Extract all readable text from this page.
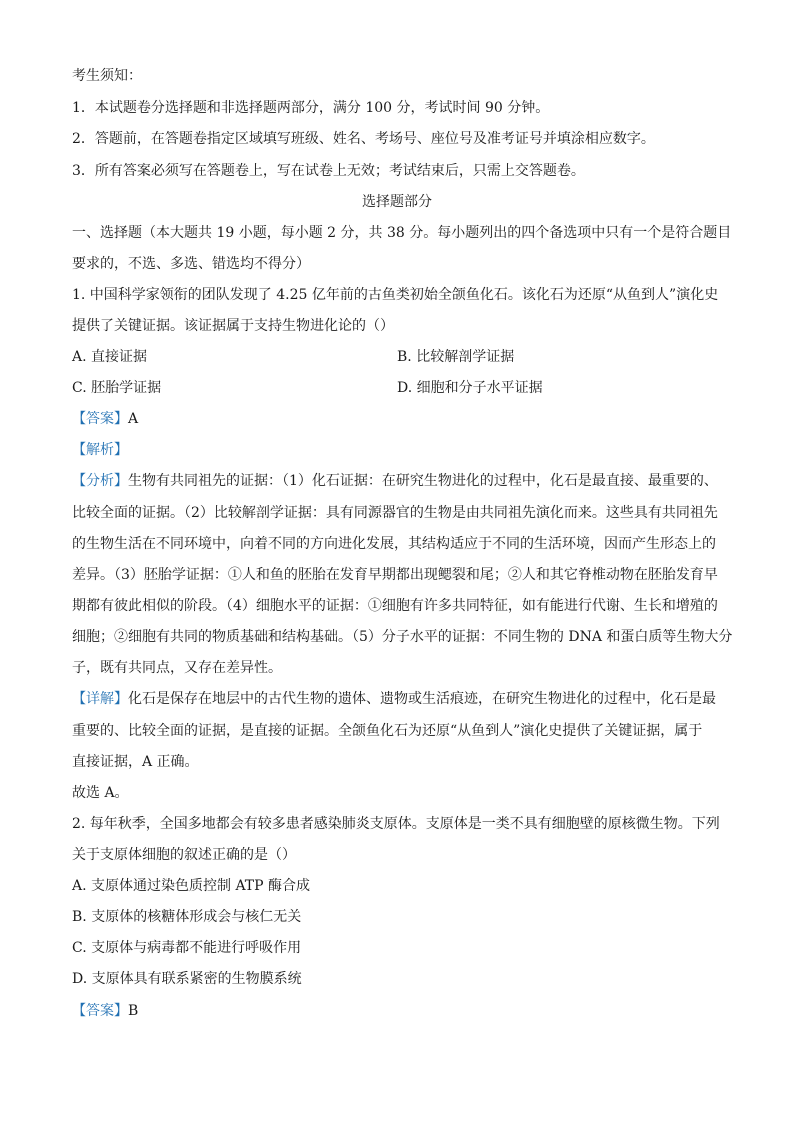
考生须知：
1．本试题卷分选择题和非选择题两部分，满分 100 分，考试时间 90 分钟。
2．答题前，在答题卷指定区域填写班级、姓名、考场号、座位号及准考证号并填涂相应数字。
3．所有答案必须写在答题卷上，写在试卷上无效；考试结束后，只需上交答题卷。
选择题部分
一、选择题（本大题共 19 小题，每小题 2 分，共 38 分。每小题列出的四个备选项中只有一个是符合题目
要求的，不选、多选、错选均不得分）
1. 中国科学家领衔的团队发现了 4.25 亿年前的古鱼类初始全颌鱼化石。该化石为还原“从鱼到人”演化史
提供了关键证据。该证据属于支持生物进化论的（）
A. 直接证据	B. 比较解剖学证据
C. 胚胎学证据	D. 细胞和分子水平证据
【答案】A
【解析】
【分析】生物有共同祖先的证据：（1）化石证据：在研究生物进化的过程中，化石是最直接、最重要的、
比较全面的证据。（2）比较解剖学证据：具有同源器官的生物是由共同祖先演化而来。这些具有共同祖先
的生物生活在不同环境中，向着不同的方向进化发展，其结构适应于不同的生活环境，因而产生形态上的
差异。（3）胚胎学证据：①人和鱼的胚胎在发育早期都出现鳃裂和尾；②人和其它脊椎动物在胚胎发育早
期都有彼此相似的阶段。（4）细胞水平的证据：①细胞有许多共同特征，如有能进行代谢、生长和增殖的
细胞；②细胞有共同的物质基础和结构基础。（5）分子水平的证据：不同生物的 DNA 和蛋白质等生物大分
子，既有共同点，又存在差异性。
【详解】化石是保存在地层中的古代生物的遗体、遗物或生活痕迹，在研究生物进化的过程中，化石是最
重要的、比较全面的证据，是直接的证据。全颌鱼化石为还原“从鱼到人”演化史提供了关键证据，属于
直接证据，A 正确。
故选 A。
2. 每年秋季，全国多地都会有较多患者感染肺炎支原体。支原体是一类不具有细胞壁的原核微生物。下列
关于支原体细胞的叙述正确的是（）
A. 支原体通过染色质控制 ATP 酶合成
B. 支原体的核糖体形成会与核仁无关
C. 支原体与病毒都不能进行呼吸作用
D. 支原体具有联系紧密的生物膜系统
【答案】B
